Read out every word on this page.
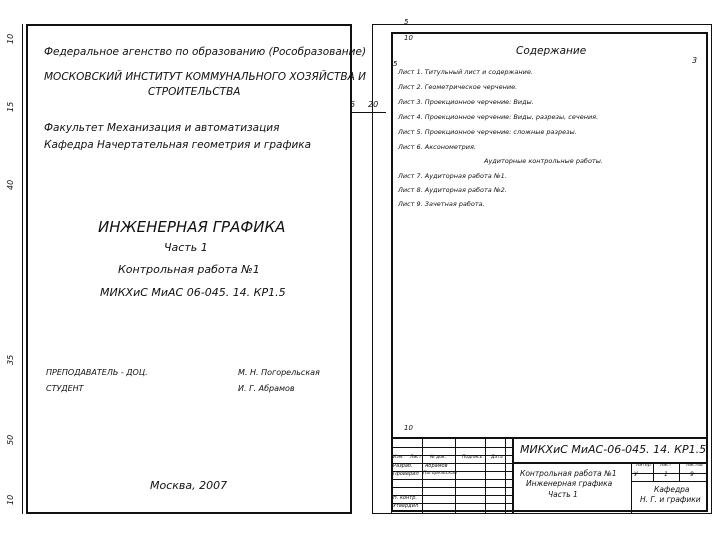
10
15
40
35
50
10
Федеральное агенство по образованию (Рособразование)
МОСКОВСКИЙ ИНСТИТУТ КОММУНАЛЬНОГО ХОЗЯЙСТВА И
СТРОИТЕЛЬСТВА
Факультет Механизация и автоматизация
Кафедра Начертательная геометрия и графика
ИНЖЕНЕРНАЯ ГРАФИКА
Часть 1
Контрольная работа №1
МИКХиС МиАС 06-045. 14. КР1.5
ПРЕПОДАВАТЕЛЬ - ДОЦ.	М. Н. Погорельская
СТУДЕНТ	И. Г. Абрамов
Москва, 2007
5 20
10
5
5	3
10
Содержание
Лист 1. Титульный лист и содержание.
Лист 2. Геометрическое черчение.
Лист 3. Проекционное черчение: Виды.
Лист 4. Проекционное черчение: Виды, разрезы, сечения.
Лист 5. Проекционное черчение: сложные разрезы.
Лист 6. Аксонометрия.
Аудиторные контрольные работы.
Лист 7. Аудиторная работа №1.
Лист 8. Аудиторная работа №2.
Лист 9. Зачетная работа.
МИКХиС МиАС-06-045. 14. КР1.5
Контрольная работа №1
Инженерная графика
Часть 1
Изм. Лист № док.	Подпись Дата
Разраб. Абрамов
Проверил Погорельская
Н. контр.
Утвердил
Литер. Лист	Листов
У	1	9
Кафедра
Н. Г. и графики
